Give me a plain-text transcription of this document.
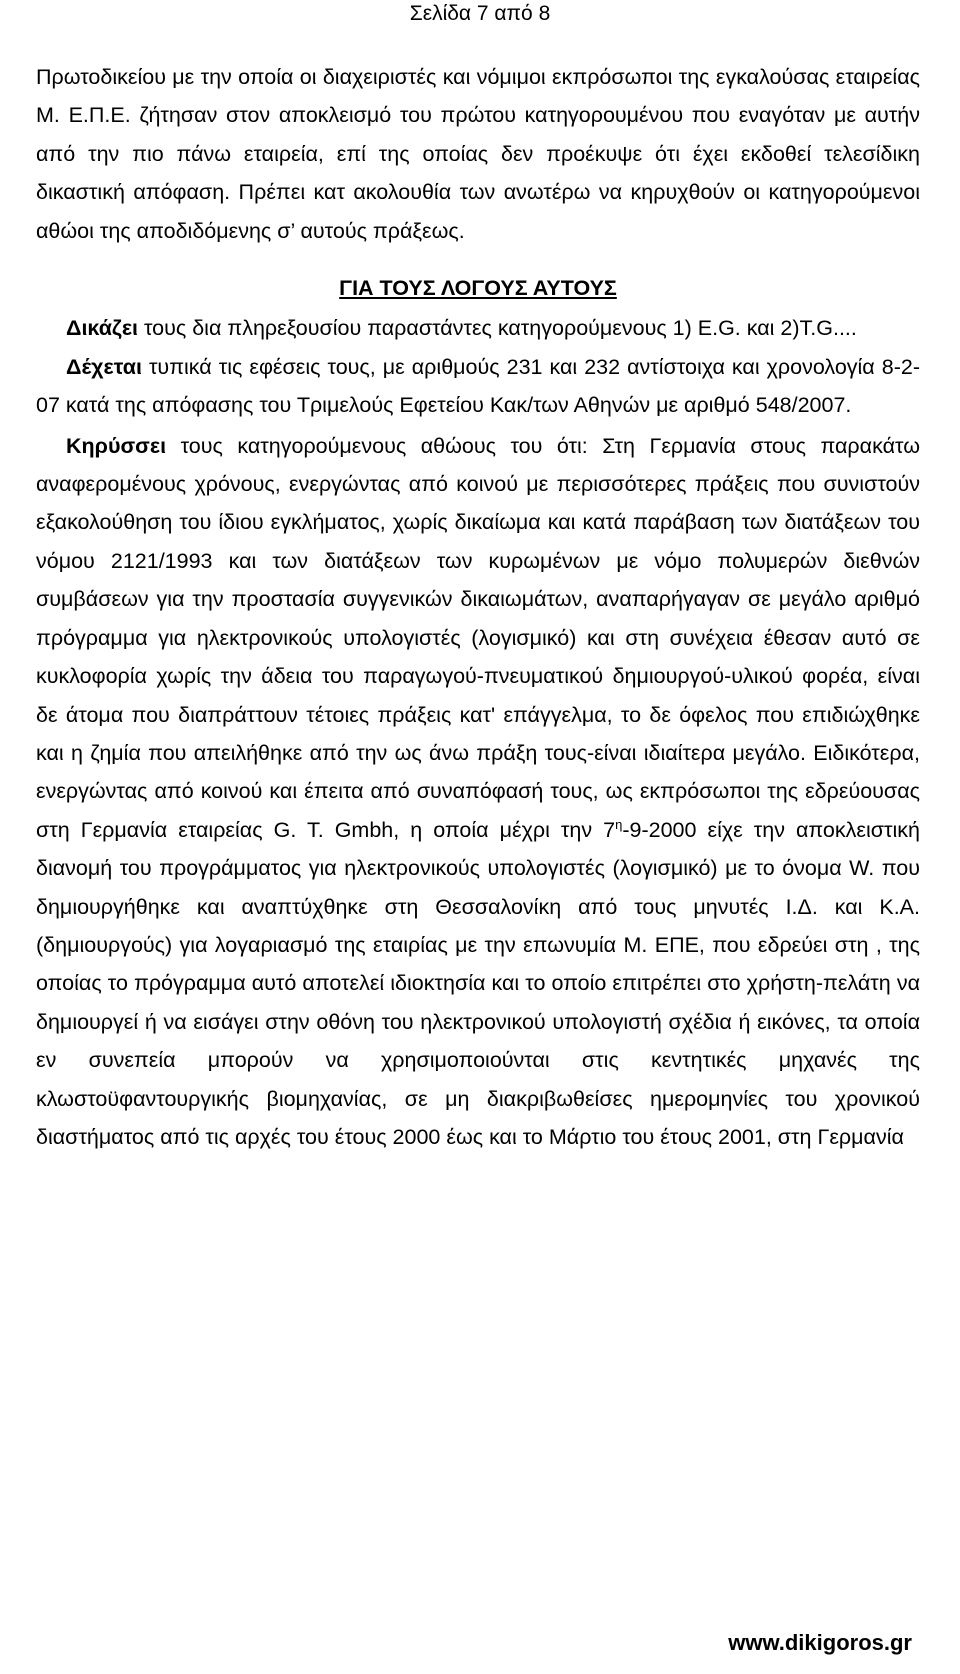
Σελίδα 7 από 8

Πρωτοδικείου με την οποία οι διαχειριστές και νόμιμοι εκπρόσωποι της εγκαλούσας εταιρείας Μ. Ε.Π.Ε. ζήτησαν στον αποκλεισμό του πρώτου κατηγορουμένου που εναγόταν με αυτήν από την πιο πάνω εταιρεία, επί της οποίας δεν προέκυψε ότι έχει εκδοθεί τελεσίδικη δικαστική απόφαση. Πρέπει κατ ακολουθία των ανωτέρω να κηρυχθούν οι κατηγορούμενοι αθώοι της αποδιδόμενης σ’ αυτούς πράξεως.

ΓΙΑ ΤΟΥΣ ΛΟΓΟΥΣ ΑΥΤΟΥΣ

Δικάζει τους δια πληρεξουσίου παραστάντες κατηγορούμενους 1) E.G. και 2)T.G....

Δέχεται τυπικά τις εφέσεις τους, με αριθμούς 231 και 232 αντίστοιχα και χρονολογία 8-2-07 κατά της απόφασης του Τριμελούς Εφετείου Κακ/των Αθηνών με αριθμό 548/2007.

Κηρύσσει τους κατηγορούμενους αθώους του ότι: Στη Γερμανία στους παρακάτω αναφερομένους χρόνους, ενεργώντας από κοινού με περισσότερες πράξεις που συνιστούν εξακολούθηση του ίδιου εγκλήματος, χωρίς δικαίωμα και κατά παράβαση των διατάξεων του νόμου 2121/1993 και των διατάξεων των κυρωμένων με νόμο πολυμερών διεθνών συμβάσεων για την προστασία συγγενικών δικαιωμάτων, αναπαρήγαγαν σε μεγάλο αριθμό πρόγραμμα για ηλεκτρονικούς υπολογιστές (λογισμικό) και στη συνέχεια έθεσαν αυτό σε κυκλοφορία χωρίς την άδεια του παραγωγού-πνευματικού δημιουργού-υλικού φορέα, είναι δε άτομα που διαπράττουν τέτοιες πράξεις κατ' επάγγελμα, το δε όφελος που επιδιώχθηκε και η ζημία που απειλήθηκε από την ως άνω πράξη τους-είναι ιδιαίτερα μεγάλο. Ειδικότερα, ενεργώντας από κοινού και έπειτα από συναπόφασή τους, ως εκπρόσωποι της εδρεύουσας στη Γερμανία εταιρείας G. T. Gmbh, η οποία μέχρι την $7^\eta-9-2000$ είχε την αποκλειστική διανομή του προγράμματος για ηλεκτρονικούς υπολογιστές (λογισμικό) με το όνομα W. που δημιουργήθηκε και αναπτύχθηκε στη Θεσσαλονίκη από τους μηνυτές Ι.Δ. και Κ.Α. (δημιουργούς) για λογαριασμό της εταιρίας με την επωνυμία Μ. ΕΠΕ, που εδρεύει στη , της οποίας το πρόγραμμα αυτό αποτελεί ιδιοκτησία και το οποίο επιτρέπει στο χρήστη-πελάτη να δημιουργεί ή να εισάγει στην οθόνη του ηλεκτρονικού υπολογιστή σχέδια ή εικόνες, τα οποία εν συνεπεία μπορούν να χρησιμοποιούνται στις κεντητικές μηχανές της κλωστοϋφαντουργικής βιομηχανίας, σε μη διακριβωθείσες ημερομηνίες του χρονικού διαστήματος από τις αρχές του έτους 2000 έως και το Μάρτιο του έτους 2001, στη Γερμανία

www.dikigoros.gr
